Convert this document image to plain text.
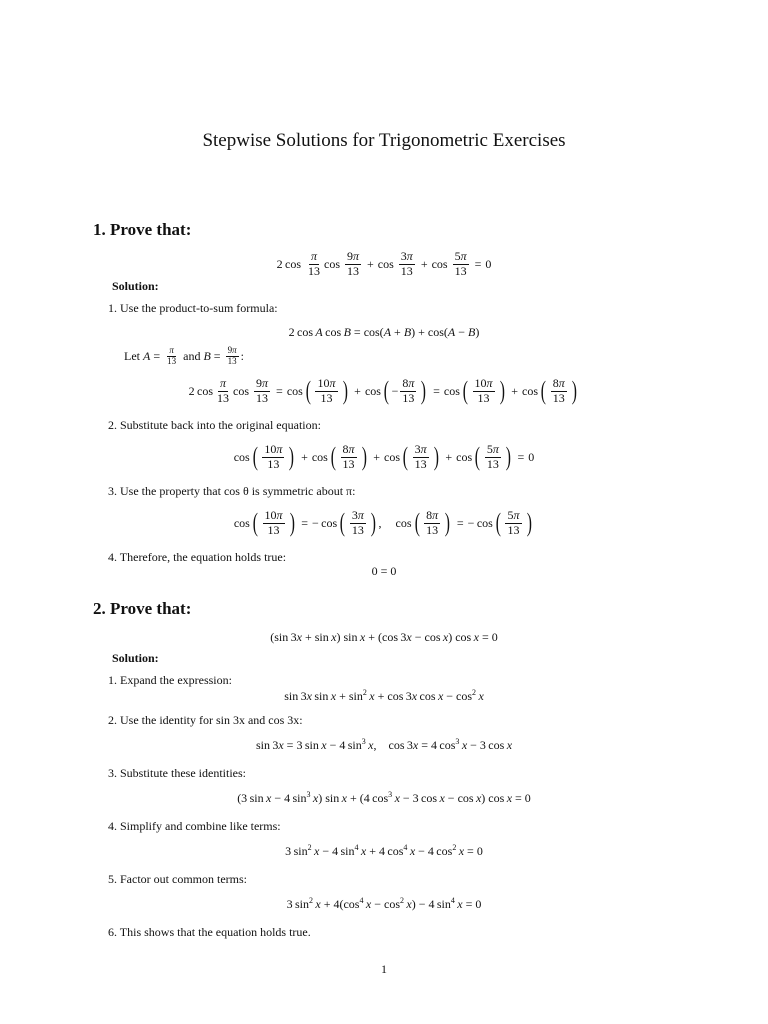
Stepwise Solutions for Trigonometric Exercises
1. Prove that:
2  $\cos \frac{\pi}{13}$ $\cos \frac{9\pi}{13} + \cos \frac{3\pi}{13} + \cos \frac{5\pi}{13} = 0$
Solution:
1. Use the product-to-sum formula:
2 cos A cos B = cos(A + B) + cos(A − B)
Let
$A = \frac{\pi}{13}$
and
$B = \frac{9\pi}{13}$ :
2 $\cos \frac{\pi}{13}$ $\cos \frac{9\pi}{13} = \cos$ ( $\frac{10\pi}{13}$ ) + cos ( − $\frac{8\pi}{13}$ ) = cos ( $\frac{10\pi}{13}$ ) + cos ( $\frac{8\pi}{13}$ )
2. Substitute back into the original equation:
cos ( $\frac{10\pi}{13}$ ) + cos ( $\frac{8\pi}{13}$ ) + cos ( $\frac{3\pi}{13}$ ) + cos ( $\frac{5\pi}{13}$ ) = 0
3. Use the property that cos θ is symmetric about π:
cos ( $\frac{10\pi}{13}$ ) = −  cos ( $\frac{3\pi}{13}$ ) , cos ( $\frac{8\pi}{13}$ ) = −  cos ( $\frac{5\pi}{13}$ )
4. Therefore, the equation holds true:
0 = 0
2. Prove that:
(sin 3x + sin x) sin x + (cos 3x − cos x) cos x = 0
Solution:
1. Expand the expression:
sin 3x $\sin x + \sin^2 x + \cos 3x$ $\cos x - \cos^2 x$
2. Use the identity for sin 3x and cos 3x:
sin 3x = 3 sin x − 4 $\sin^3 x$,    cos 3x = 4 $\cos^3 x - 3$ cos x
3. Substitute these identities:
(3 sin x − 4 $\sin^3 x$) sin x + (4 $\cos^3 x - 3$ cos x − cos x) cos x = 0
4. Simplify and combine like terms:
3 $\sin^2 x - 4$ $\sin^4 x + 4$ $\cos^4 x - 4$ $\cos^2 x = 0$
5. Factor out common terms:
3 $\sin^2 x + 4(\cos^4$  $x - \cos^2 x) - 4$ $\sin^4 x = 0$
6. This shows that the equation holds true.
1
